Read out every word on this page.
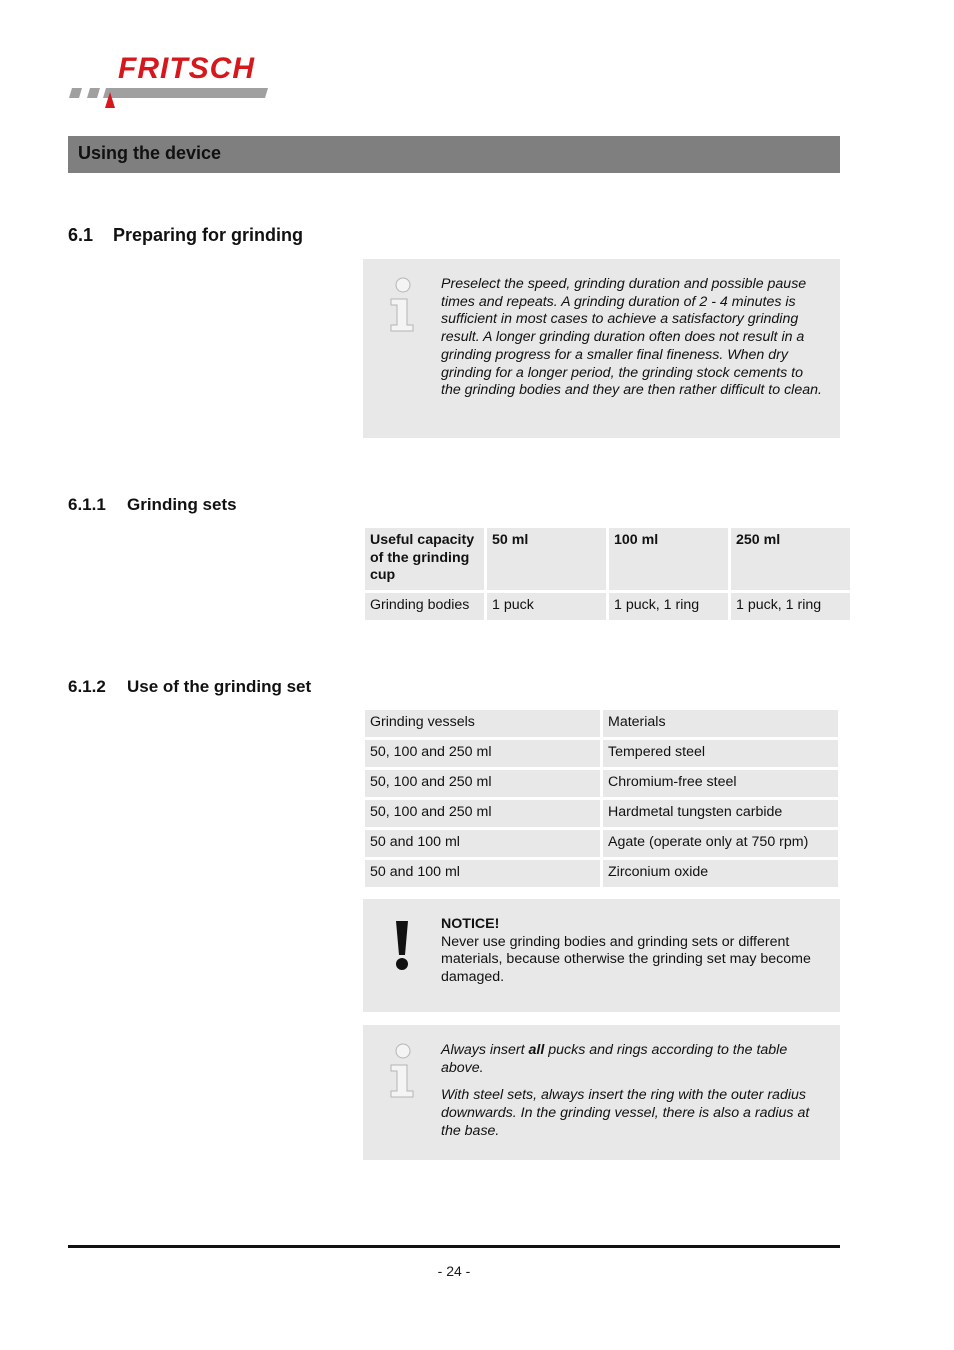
FRITSCH
Using the device
6.1 Preparing for grinding
Preselect the speed, grinding duration and possible pause times and repeats. A grinding duration of 2 - 4 minutes is sufficient in most cases to achieve a satisfactory grinding result. A longer grinding duration often does not result in a grinding progress for a smaller final fineness. When dry grinding for a longer period, the grinding stock cements to the grinding bodies and they are then rather difficult to clean.
6.1.1 Grinding sets
Useful capacity of the grinding cup	50 ml	100 ml	250 ml
Grinding bodies	1 puck	1 puck, 1 ring	1 puck, 1 ring
6.1.2 Use of the grinding set
Grinding vessels	Materials
50, 100 and 250 ml	Tempered steel
50, 100 and 250 ml	Chromium-free steel
50, 100 and 250 ml	Hardmetal tungsten carbide
50 and 100 ml	Agate (operate only at 750 rpm)
50 and 100 ml	Zirconium oxide
NOTICE!
Never use grinding bodies and grinding sets or different materials, because otherwise the grinding set may become damaged.

Always insert all pucks and rings according to the table above.

With steel sets, always insert the ring with the outer radius downwards. In the grinding vessel, there is also a radius at the base.

- 24 -
